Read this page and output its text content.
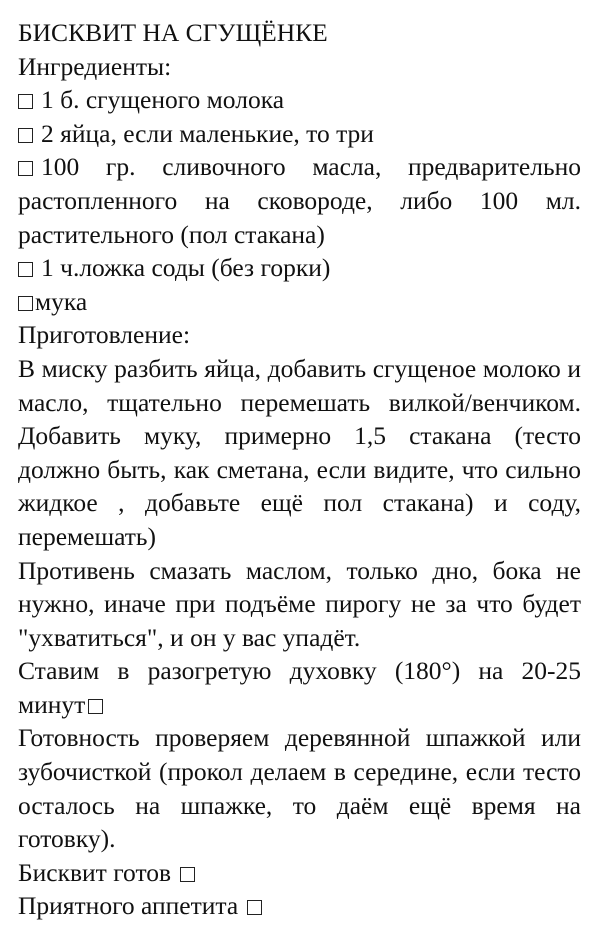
БИСКВИТ НА СГУЩЁНКЕ

Ингредиенты:

1 б. сгущеного молока

2 яйца, если маленькие, то три

100 гр. сливочного масла, предварительно растопленного на сковороде, либо 100 мл. растительного (пол стакана)

1 ч.ложка соды (без горки)

мука

Приготовление:

В миску разбить яйца, добавить сгущеное молоко и масло, тщательно перемешать вилкой/венчиком. Добавить муку, примерно 1,5 стакана (тесто должно быть, как сметана, если видите, что сильно жидкое , добавьте ещё пол стакана) и соду, перемешать)

Противень смазать маслом, только дно, бока не нужно, иначе при подъёме пирогу не за что будет "ухватиться", и он у вас упадёт.

Ставим в разогретую духовку (180°) на 20-25 минут

Готовность проверяем деревянной шпажкой или зубочисткой (прокол делаем в середине, если тесто осталось на шпажке, то даём ещё время на готовку).

Бисквит готов

Приятного аппетита
